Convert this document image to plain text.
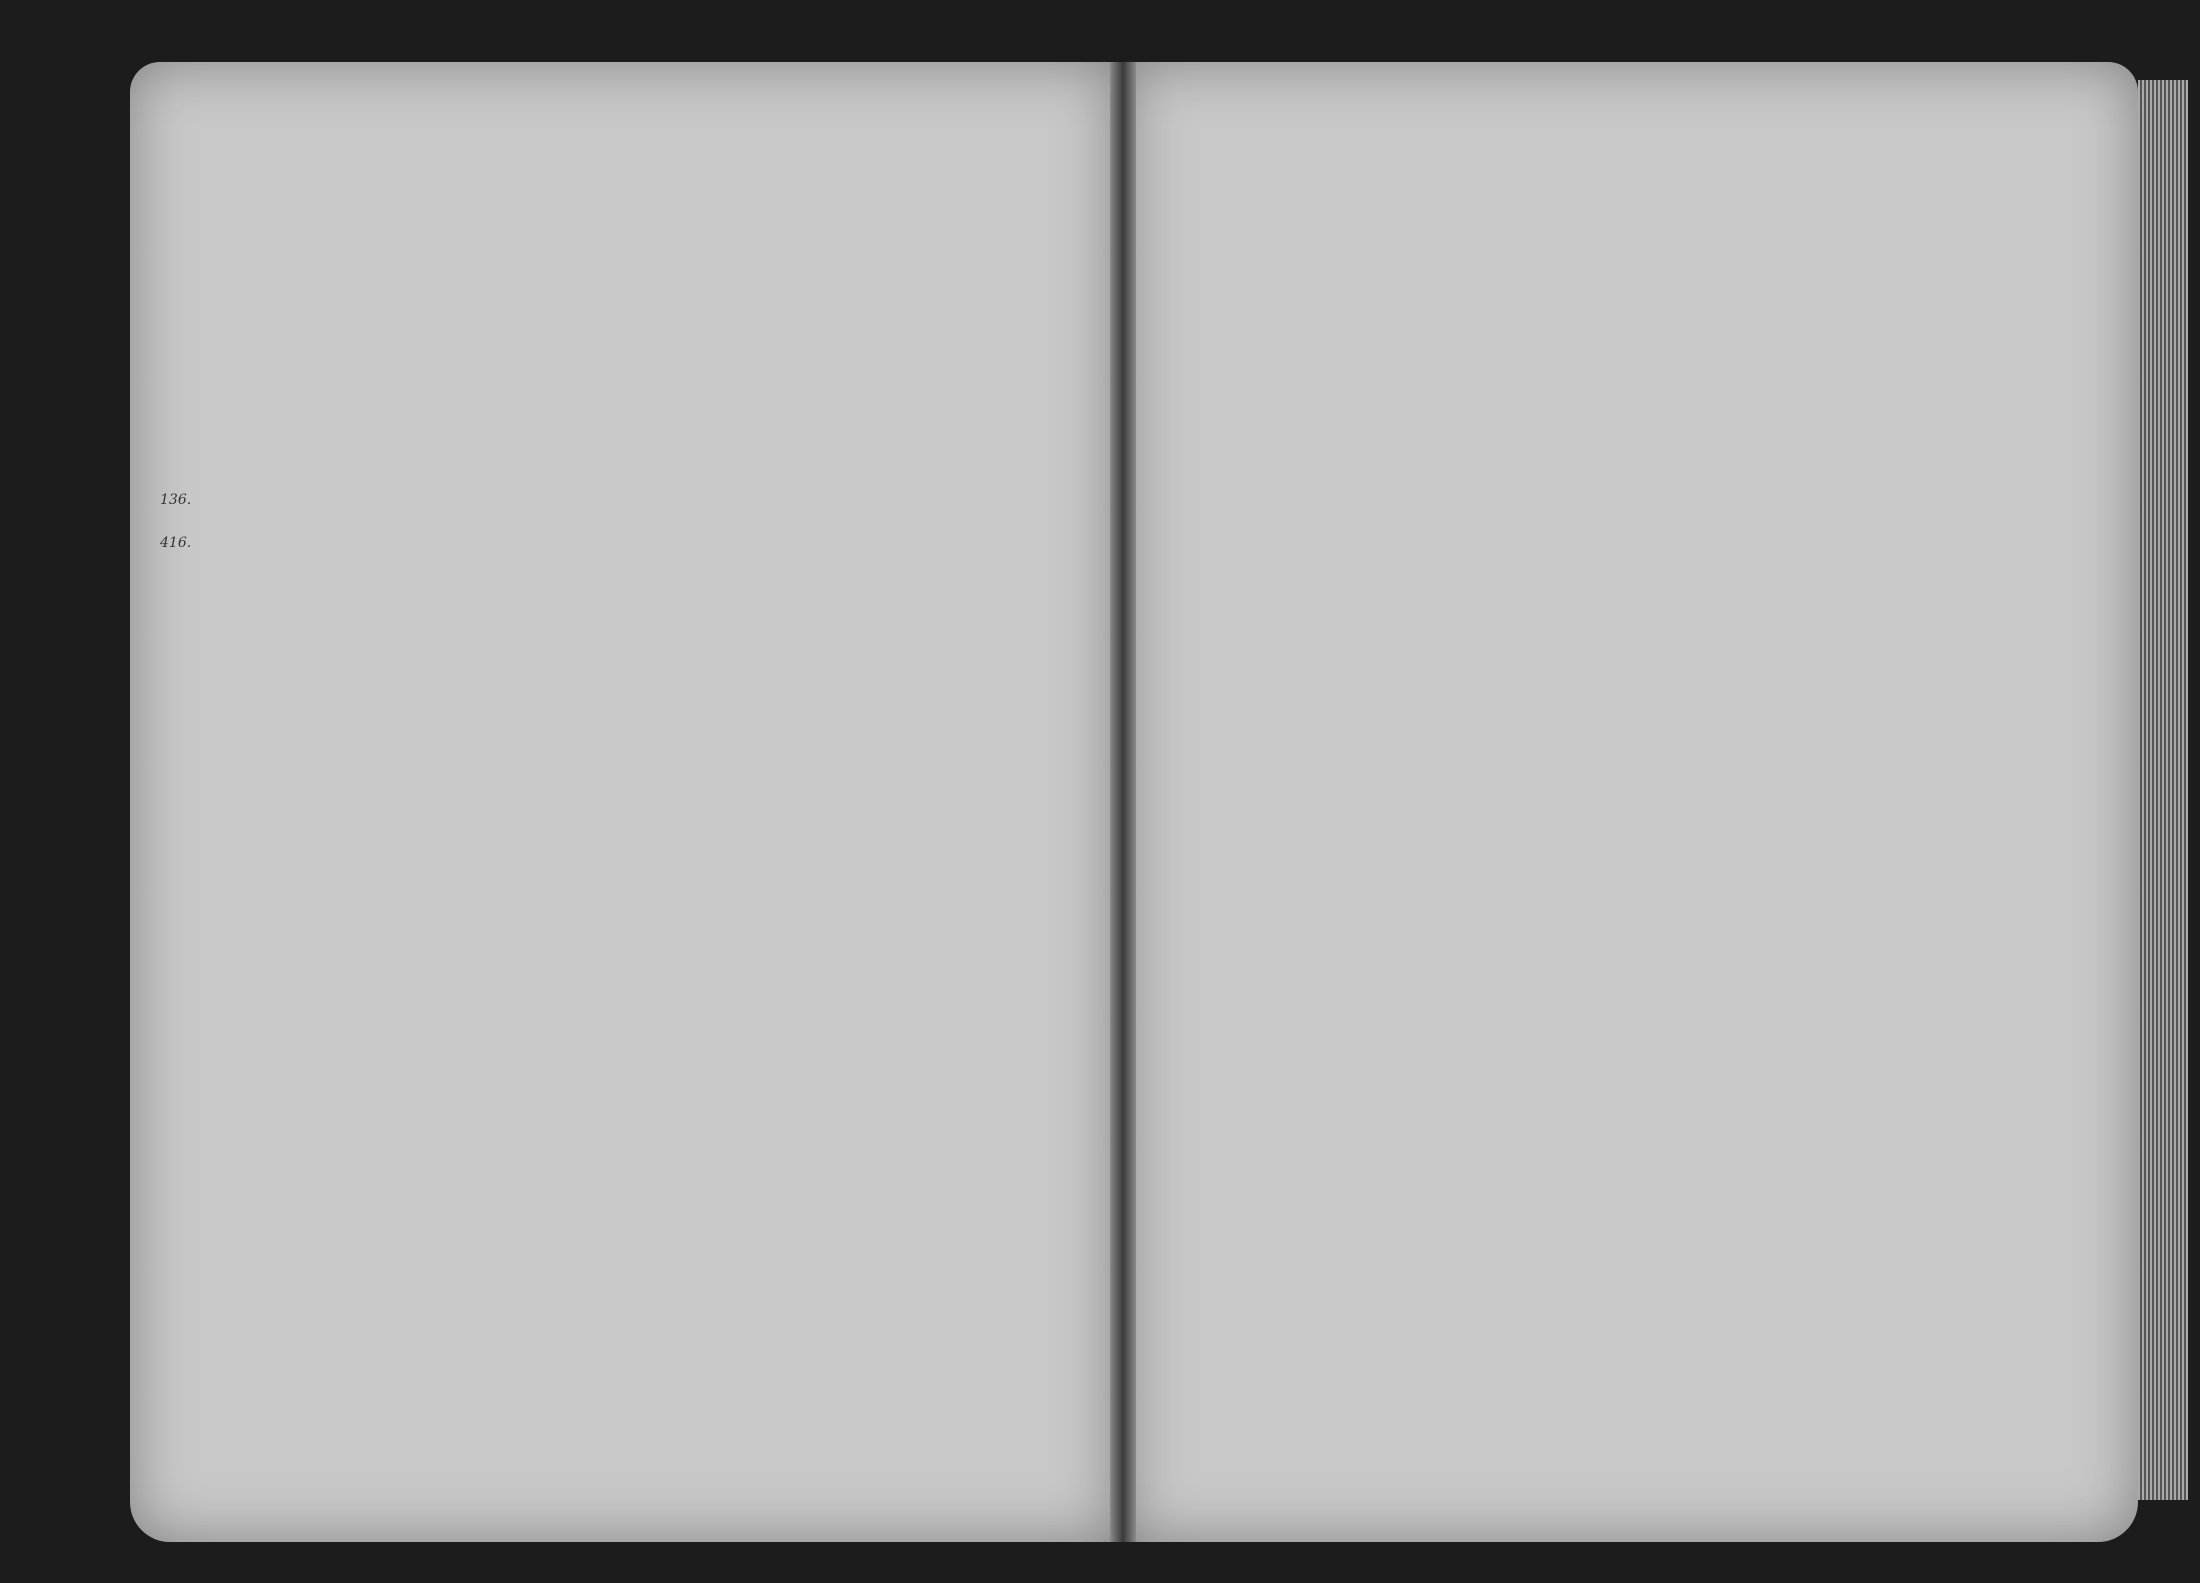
136.
416.
